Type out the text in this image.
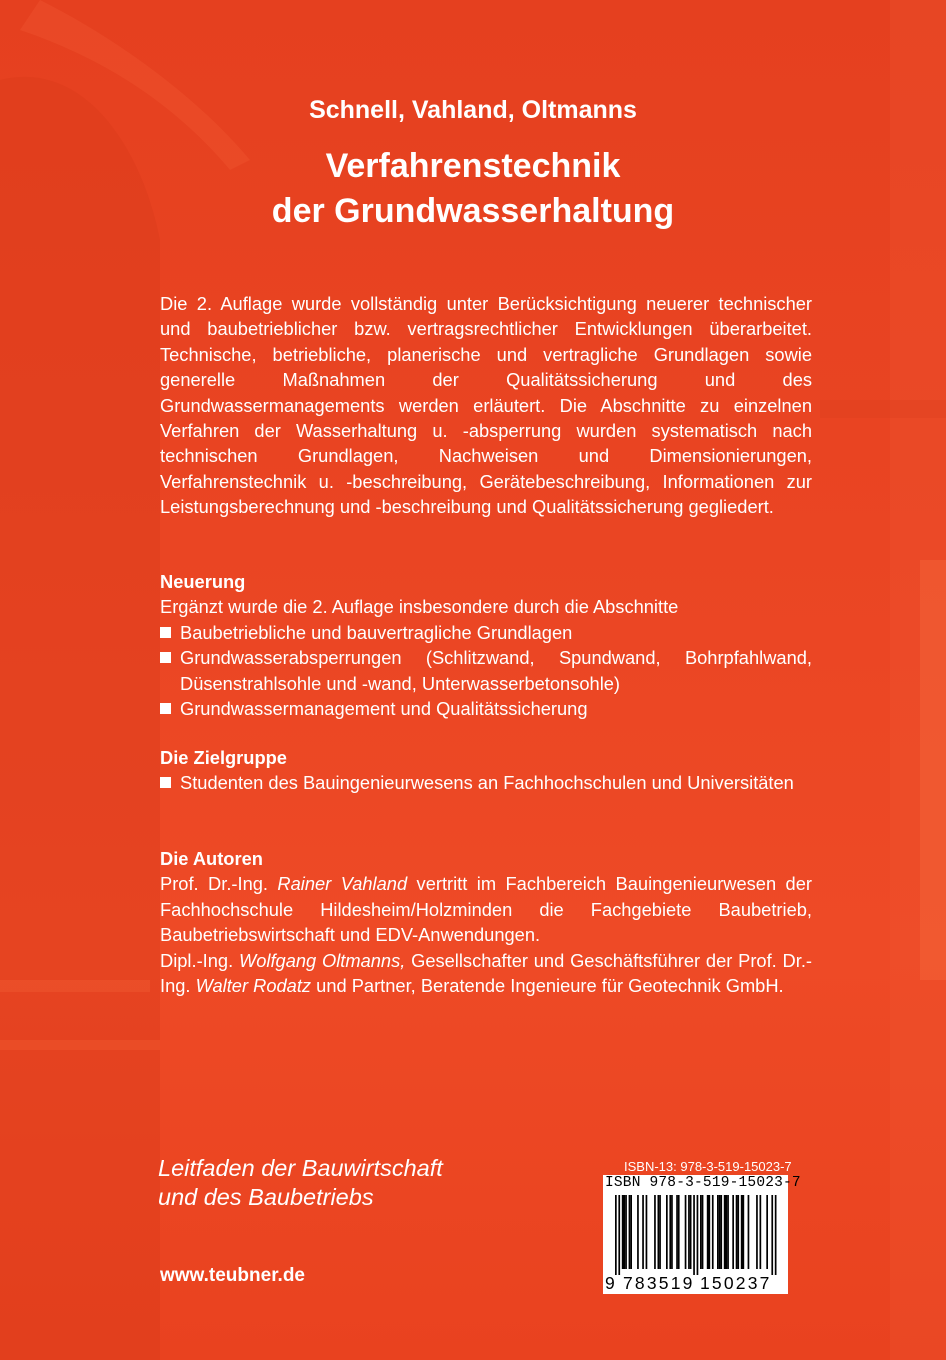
Schnell, Vahland, Oltmanns
Verfahrenstechnik
der Grundwasserhaltung
Die 2. Auflage wurde vollständig unter Berücksichtigung neuerer technischer und baubetrieblicher bzw. vertragsrechtlicher Entwicklungen überarbeitet. Technische, betriebliche, planerische und vertragliche Grundlagen sowie generelle Maßnahmen der Qualitätssicherung und des Grundwassermanagements werden erläutert. Die Abschnitte zu einzelnen Verfahren der Wasserhaltung u. -absperrung wurden systematisch nach technischen Grundlagen, Nachweisen und Dimensionierungen, Verfahrenstechnik u. -beschreibung, Gerätebeschreibung, Informationen zur Leistungsberechnung und -beschreibung und Qualitätssicherung gegliedert.
Neuerung
Ergänzt wurde die 2. Auflage insbesondere durch die Abschnitte
Baubetriebliche und bauvertragliche Grundlagen
Grundwasserabsperrungen (Schlitzwand, Spundwand, Bohrpfahlwand, Düsenstrahlsohle und -wand, Unterwasserbetonsohle)
Grundwassermanagement und Qualitätssicherung
Die Zielgruppe
Studenten des Bauingenieurwesens an Fachhochschulen und Universitäten
Die Autoren
Prof. Dr.-Ing. Rainer Vahland vertritt im Fachbereich Bauingenieurwesen der Fachhochschule Hildesheim/Holzminden die Fachgebiete Baubetrieb, Baubetriebswirtschaft und EDV-Anwendungen.
Dipl.-Ing. Wolfgang Oltmanns, Gesellschafter und Geschäftsführer der Prof. Dr.-Ing. Walter Rodatz und Partner, Beratende Ingenieure für Geotechnik GmbH.
Leitfaden der Bauwirtschaft
und des Baubetriebs
www.teubner.de
ISBN-13: 978-3-519-15023-7
ISBN 978-3-519-15023-7
9 783519 150237
